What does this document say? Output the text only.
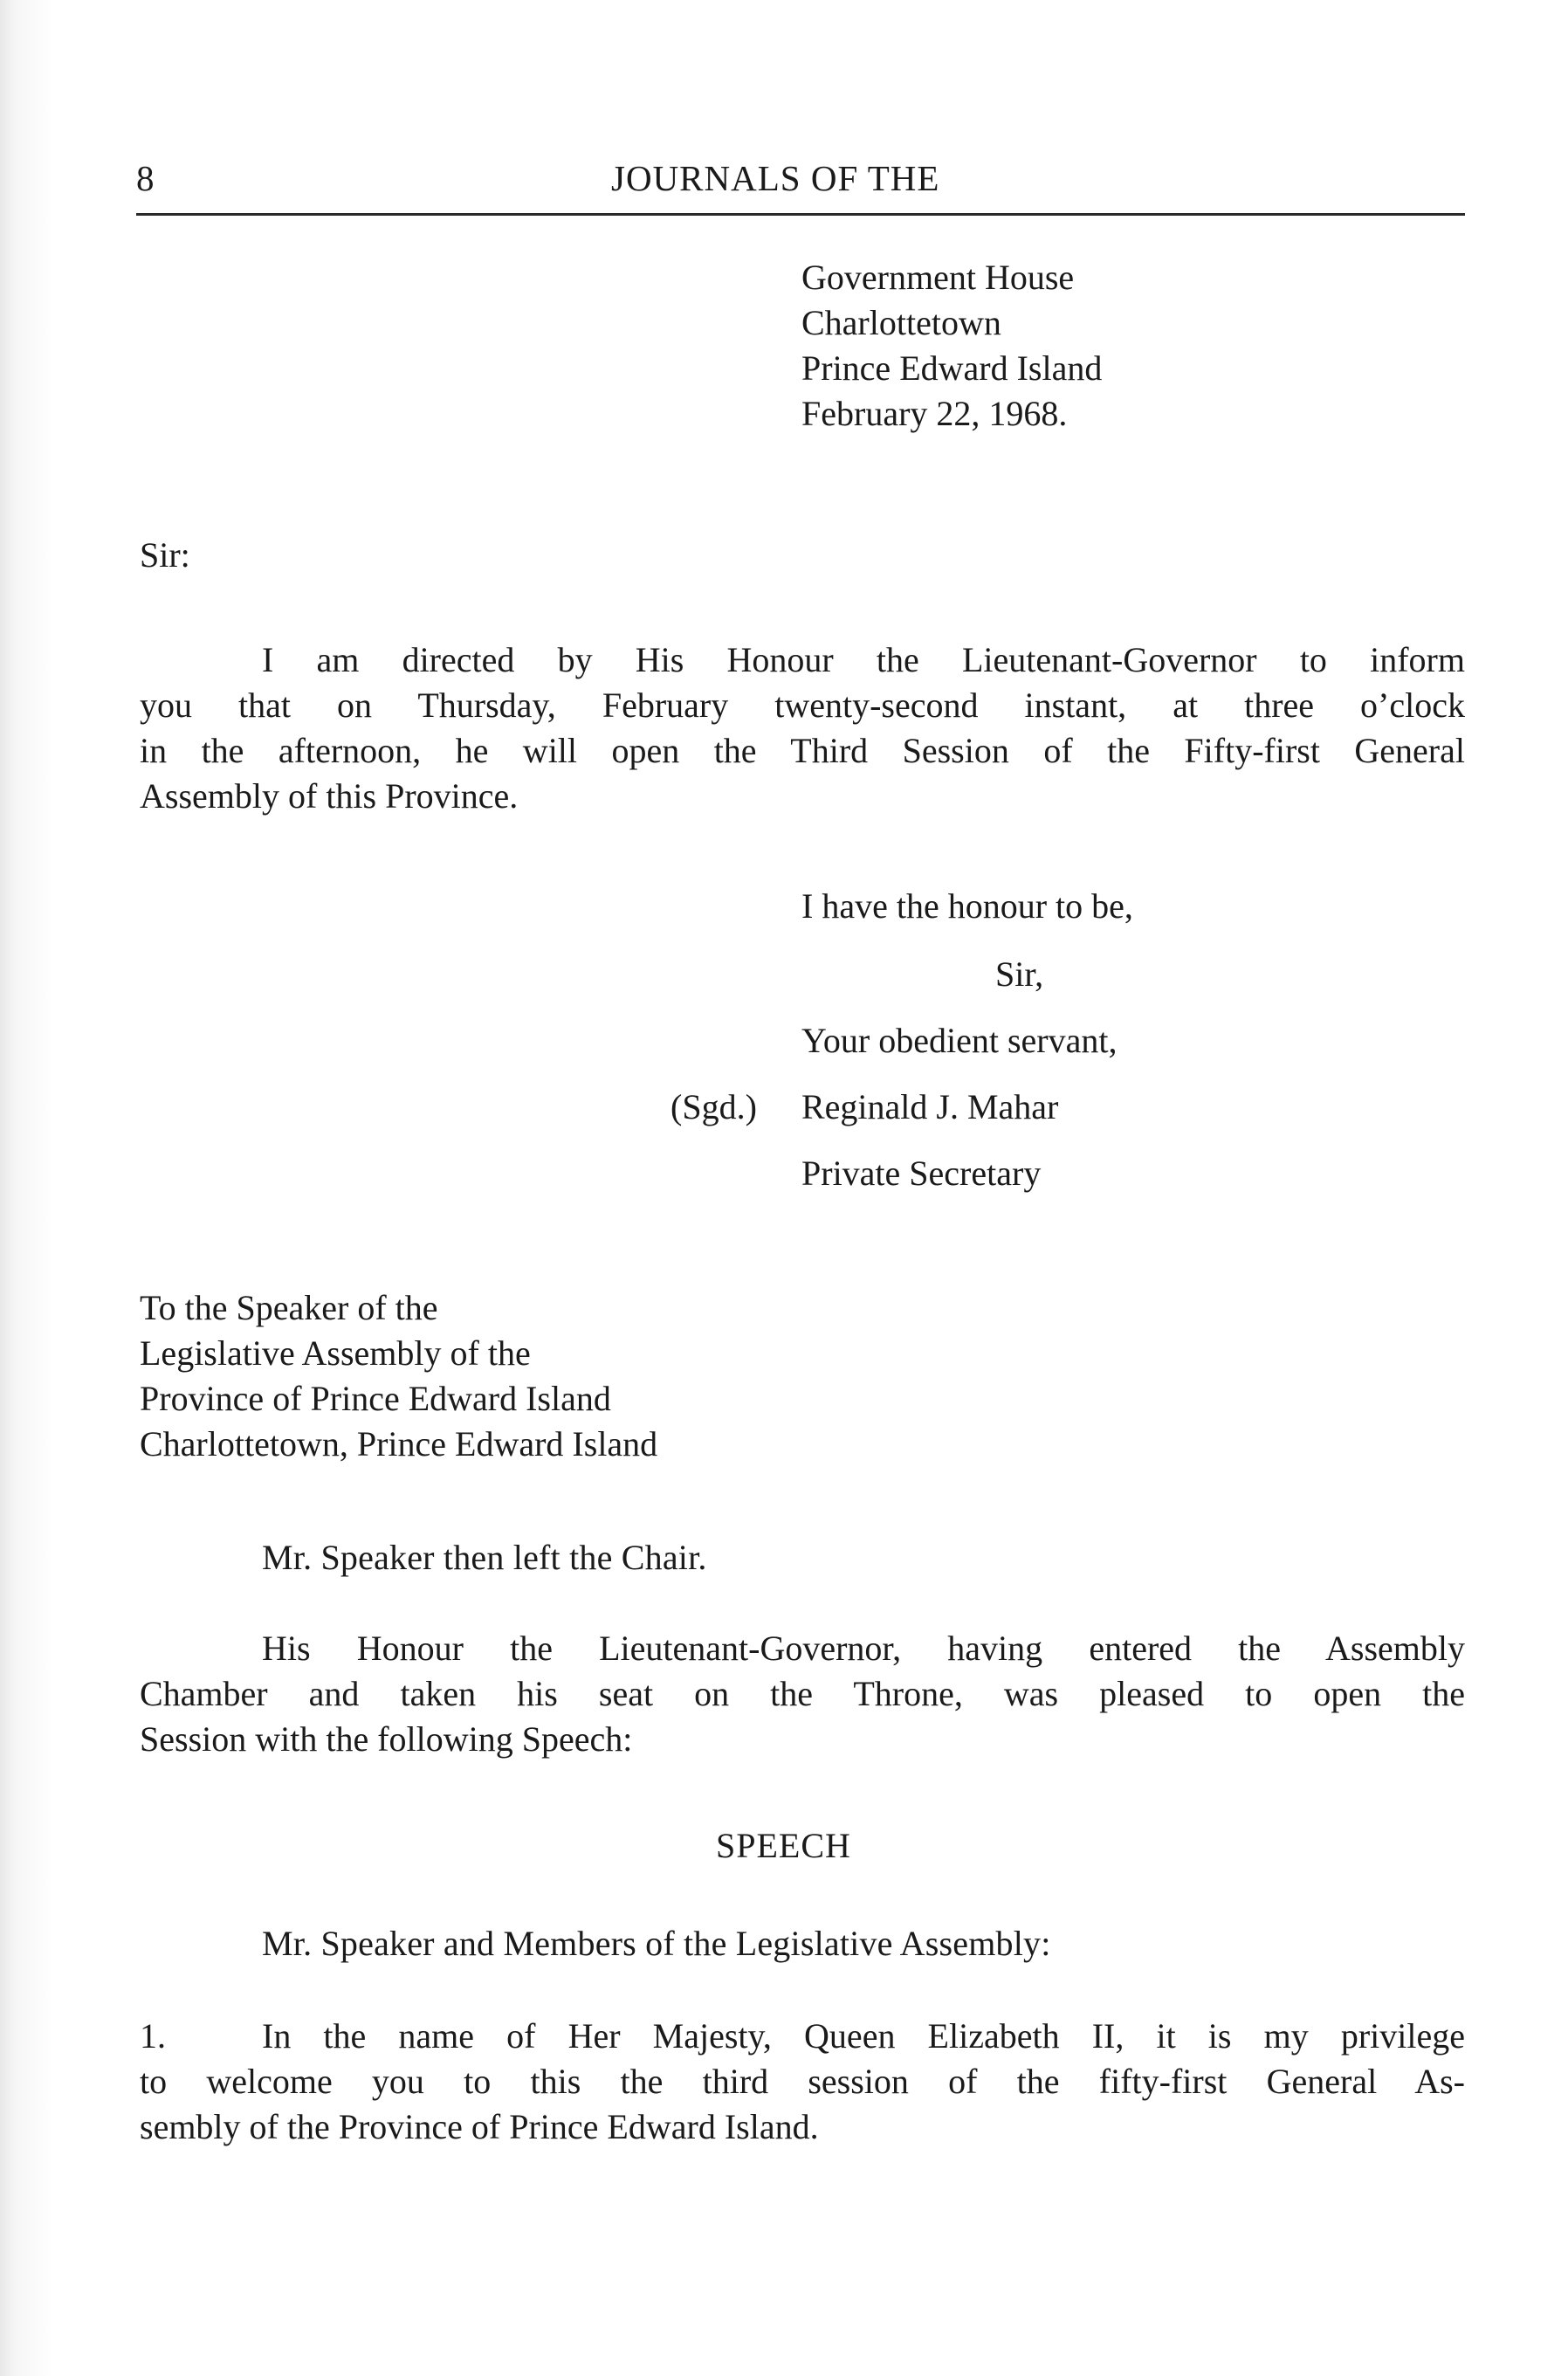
8	JOURNALS OF THE
Government House
Charlottetown
Prince Edward Island
February 22, 1968.
Sir:
I am directed by His Honour the Lieutenant-Governor to inform
you that on Thursday, February twenty-second instant, at three o’clock
in the afternoon, he will open the Third Session of the Fifty-first General
Assembly of this Province.
I have the honour to be,
Sir,
Your obedient servant,
(Sgd.) Reginald J. Mahar
Private Secretary
To the Speaker of the
Legislative Assembly of the
Province of Prince Edward Island
Charlottetown, Prince Edward Island
Mr. Speaker then left the Chair.
His Honour the Lieutenant-Governor, having entered the Assembly
Chamber and taken his seat on the Throne, was pleased to open the
Session with the following Speech:
SPEECH
Mr. Speaker and Members of the Legislative Assembly:
1.	In the name of Her Majesty, Queen Elizabeth II, it is my privilege
to welcome you to this the third session of the fifty-first General As-
sembly of the Province of Prince Edward Island.
